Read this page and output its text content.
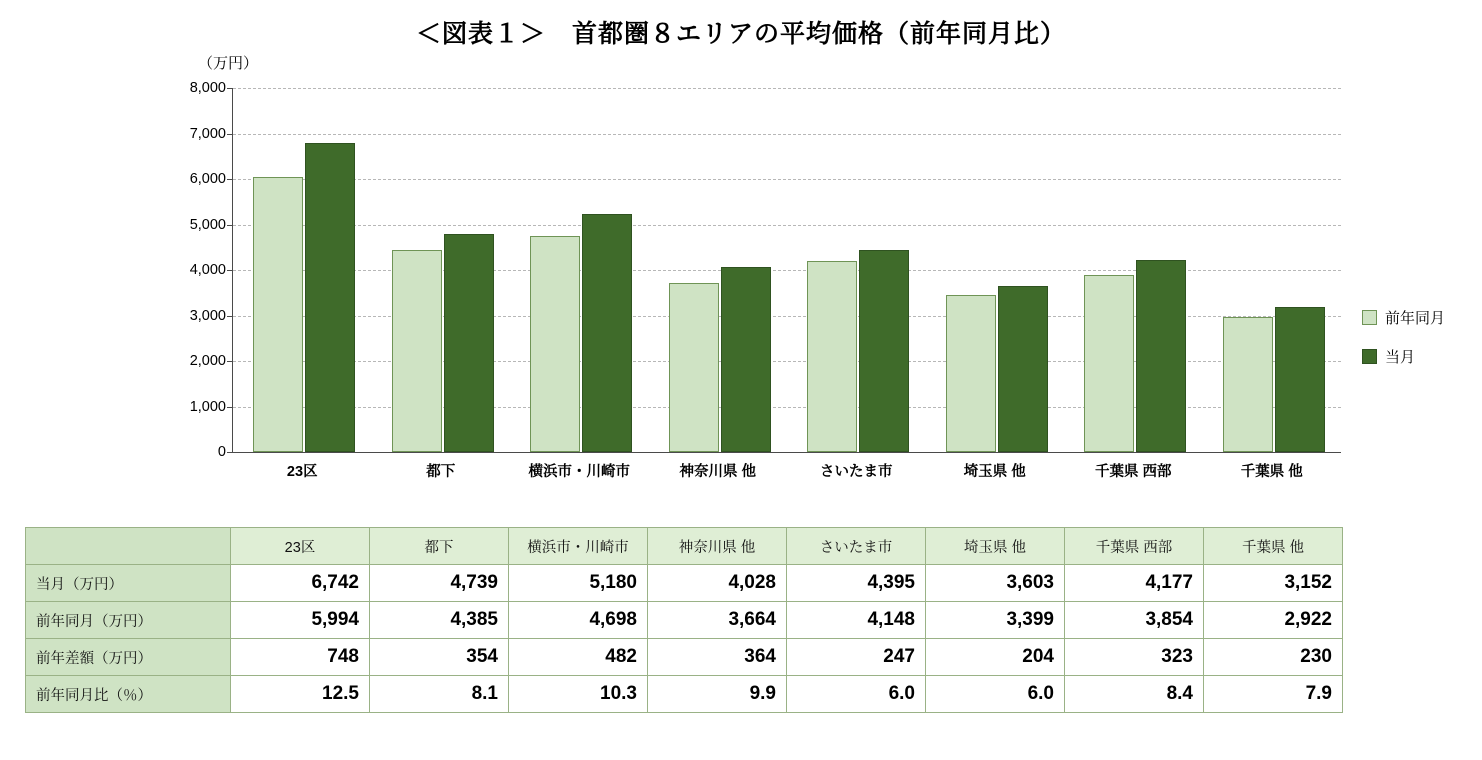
＜図表１＞　首都圏８エリアの平均価格（前年同月比）
（万円）
8,000
7,000
6,000
5,000
4,000
3,000
2,000
1,000
0
23区	都下	横浜市・川崎市	神奈川県 他	さいたま市	埼玉県 他	千葉県 西部	千葉県 他
前年同月
当月
	23区	都下	横浜市・川崎市	神奈川県 他	さいたま市	埼玉県 他	千葉県 西部	千葉県 他
当月（万円）	6,742	4,739	5,180	4,028	4,395	3,603	4,177	3,152
前年同月（万円）	5,994	4,385	4,698	3,664	4,148	3,399	3,854	2,922
前年差額（万円）	748	354	482	364	247	204	323	230
前年同月比（％）	12.5	8.1	10.3	9.9	6.0	6.0	8.4	7.9
